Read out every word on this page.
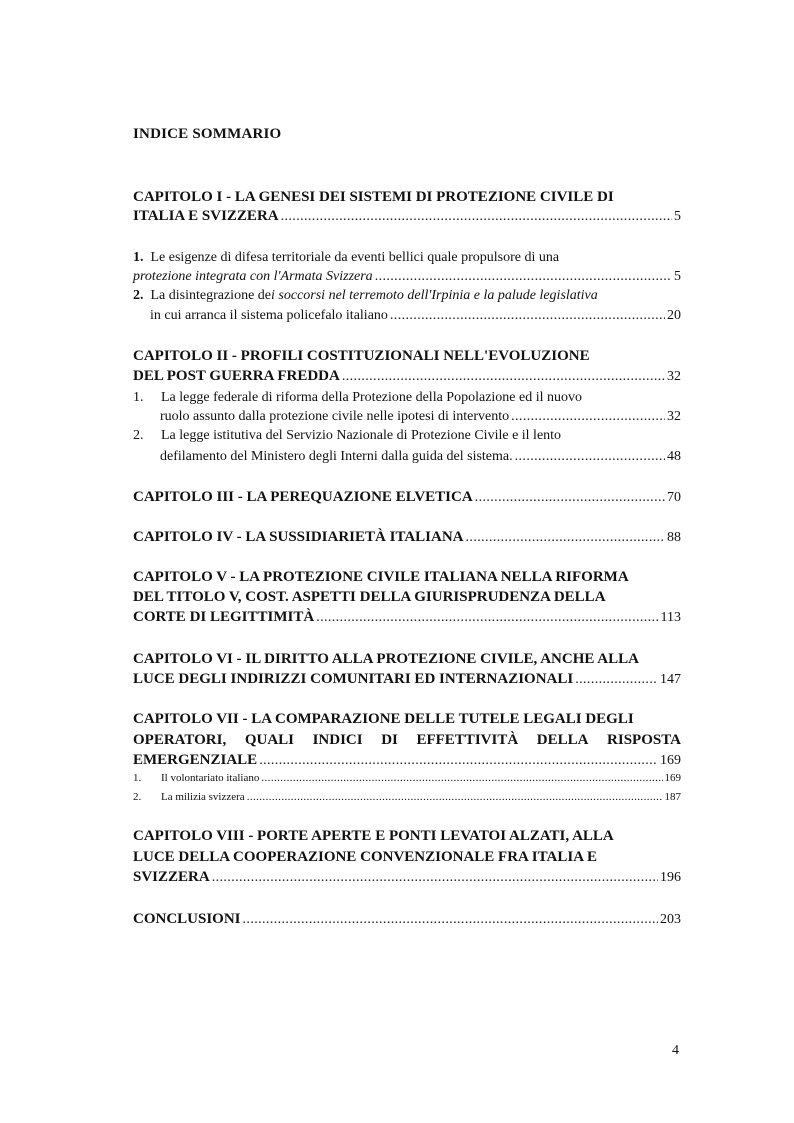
INDICE SOMMARIO
CAPITOLO I - LA GENESI DEI SISTEMI DI PROTEZIONE CIVILE DI
ITALIA E SVIZZERA .....	5
1. Le esigenze di difesa territoriale da eventi bellici quale propulsore di una
protezione integrata con l'Armata Svizzera .....	5
2. La disintegrazione dei soccorsi nel terremoto dell'Irpinia e la palude legislativa
in cui arranca il sistema policefalo italiano .....	20
CAPITOLO II - PROFILI COSTITUZIONALI NELL'EVOLUZIONE
DEL POST GUERRA FREDDA .....	32
1. La legge federale di riforma della Protezione della Popolazione ed il nuovo
ruolo assunto dalla protezione civile nelle ipotesi di intervento .....	32
2. La legge istitutiva del Servizio Nazionale di Protezione Civile e il lento
defilamento del Ministero degli Interni dalla guida del sistema. .....	48
CAPITOLO III - LA PEREQUAZIONE ELVETICA .....	70
CAPITOLO IV - LA SUSSIDIARIETÀ ITALIANA .....	88
CAPITOLO V - LA PROTEZIONE CIVILE ITALIANA NELLA RIFORMA
DEL TITOLO V, COST. ASPETTI DELLA GIURISPRUDENZA DELLA
CORTE DI LEGITTIMITÀ .....	113
CAPITOLO VI - IL DIRITTO ALLA PROTEZIONE CIVILE, ANCHE ALLA
LUCE DEGLI INDIRIZZI COMUNITARI ED INTERNAZIONALI .....	147
CAPITOLO VII - LA COMPARAZIONE DELLE TUTELE LEGALI DEGLI
OPERATORI, QUALI INDICI DI EFFETTIVITÀ DELLA RISPOSTA
EMERGENZIALE .....	169
1.	Il volontariato italiano .....	169
2.	La milizia svizzera .....	187
CAPITOLO VIII - PORTE APERTE E PONTI LEVATOI ALZATI, ALLA
LUCE DELLA COOPERAZIONE CONVENZIONALE FRA ITALIA E
SVIZZERA .....	196
CONCLUSIONI .....	203
4
